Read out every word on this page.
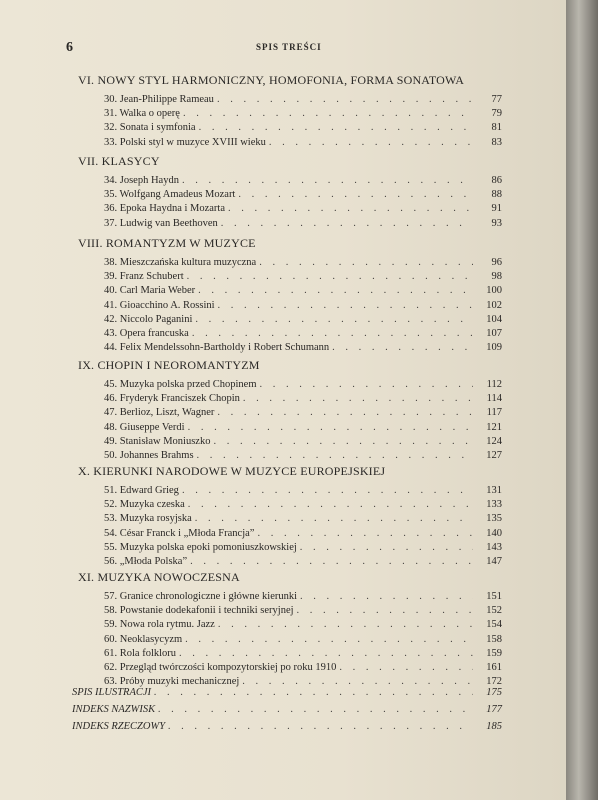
6	SPIS TREŚCI
VI. NOWY STYL HARMONICZNY, HOMOFONIA, FORMA SONATOWA
30. Jean-Philippe Rameau . . .	77
31. Walka o operę . . .	79
32. Sonata i symfonia . . .	81
33. Polski styl w muzyce XVIII wieku . . .	83
VII. KLASYCY
34. Joseph Haydn . . .	86
35. Wolfgang Amadeus Mozart . . .	88
36. Epoka Haydna i Mozarta . . .	91
37. Ludwig van Beethoven . . .	93
VIII. ROMANTYZM W MUZYCE
38. Mieszczańska kultura muzyczna . . .	96
39. Franz Schubert . . .	98
40. Carl Maria Weber . . .	100
41. Gioacchino A. Rossini . . .	102
42. Niccolo Paganini . . .	104
43. Opera francuska . . .	107
44. Felix Mendelssohn-Bartholdy i Robert Schumann . . .	109
IX. CHOPIN I NEOROMANTYZM
45. Muzyka polska przed Chopinem . . .	112
46. Fryderyk Franciszek Chopin . . .	114
47. Berlioz, Liszt, Wagner . . .	117
48. Giuseppe Verdi . . .	121
49. Stanisław Moniuszko . . .	124
50. Johannes Brahms . . .	127
X. KIERUNKI NARODOWE W MUZYCE EUROPEJSKIEJ
51. Edward Grieg . . .	131
52. Muzyka czeska . . .	133
53. Muzyka rosyjska . . .	135
54. César Franck i „Młoda Francja” . . .	140
55. Muzyka polska epoki pomoniuszkowskiej . . .	143
56. „Młoda Polska” . . .	147
XI. MUZYKA NOWOCZESNA
57. Granice chronologiczne i główne kierunki . . .	151
58. Powstanie dodekafonii i techniki seryjnej . . .	152
59. Nowa rola rytmu. Jazz . . .	154
60. Neoklasycyzm . . .	158
61. Rola folkloru . . .	159
62. Przegląd twórczości kompozytorskiej po roku 1910 . . .	161
63. Próby muzyki mechanicznej . . .	172
SPIS ILUSTRACJI . . .	175
INDEKS NAZWISK . . .	177
INDEKS RZECZOWY . . .	185
